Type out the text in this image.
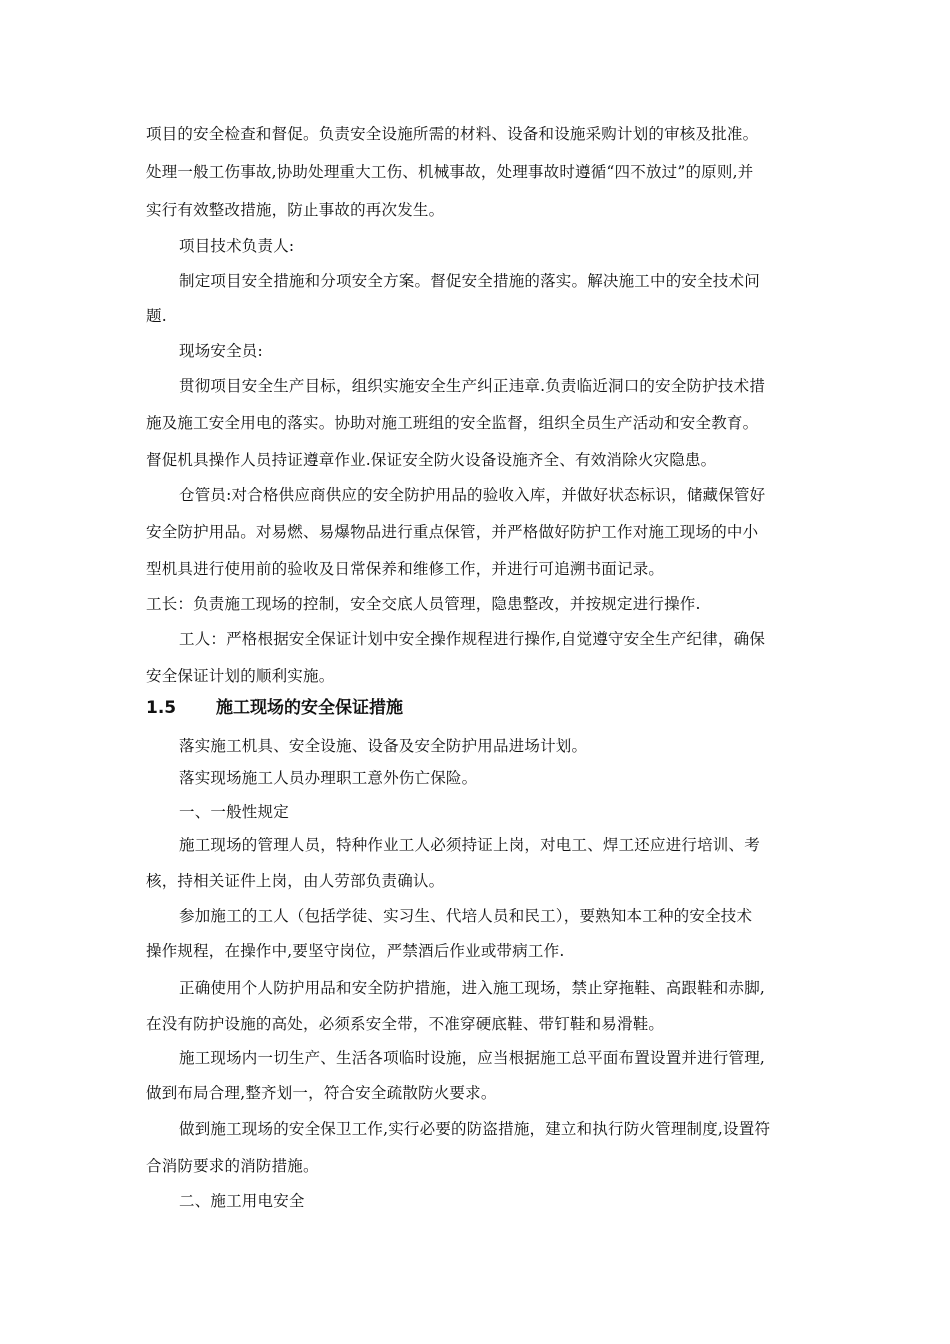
项目的安全检查和督促。负责安全设施所需的材料、设备和设施采购计划的审核及批准。
处理一般工伤事故,协助处理重大工伤、机械事故，处理事故时遵循“四不放过”的原则,并
实行有效整改措施，防止事故的再次发生。
项目技术负责人:
制定项目安全措施和分项安全方案。督促安全措施的落实。解决施工中的安全技术问
题.
现场安全员:
贯彻项目安全生产目标，组织实施安全生产纠正违章.负责临近洞口的安全防护技术措
施及施工安全用电的落实。协助对施工班组的安全监督，组织全员生产活动和安全教育。
督促机具操作人员持证遵章作业.保证安全防火设备设施齐全、有效消除火灾隐患。
仓管员:对合格供应商供应的安全防护用品的验收入库，并做好状态标识，储藏保管好
安全防护用品。对易燃、易爆物品进行重点保管，并严格做好防护工作对施工现场的中小
型机具进行使用前的验收及日常保养和维修工作，并进行可追溯书面记录。
工长：负责施工现场的控制，安全交底人员管理，隐患整改，并按规定进行操作.
工人：严格根据安全保证计划中安全操作规程进行操作,自觉遵守安全生产纪律，确保
安全保证计划的顺利实施。
1.5 施工现场的安全保证措施
落实施工机具、安全设施、设备及安全防护用品进场计划。
落实现场施工人员办理职工意外伤亡保险。
一、一般性规定
施工现场的管理人员，特种作业工人必须持证上岗，对电工、焊工还应进行培训、考
核，持相关证件上岗，由人劳部负责确认。
参加施工的工人（包括学徒、实习生、代培人员和民工），要熟知本工种的安全技术
操作规程，在操作中,要坚守岗位，严禁酒后作业或带病工作.
正确使用个人防护用品和安全防护措施，进入施工现场，禁止穿拖鞋、高跟鞋和赤脚,
在没有防护设施的高处，必须系安全带，不准穿硬底鞋、带钉鞋和易滑鞋。
施工现场内一切生产、生活各项临时设施，应当根据施工总平面布置设置并进行管理,
做到布局合理,整齐划一，符合安全疏散防火要求。
做到施工现场的安全保卫工作,实行必要的防盗措施，建立和执行防火管理制度,设置符
合消防要求的消防措施。
二、施工用电安全
